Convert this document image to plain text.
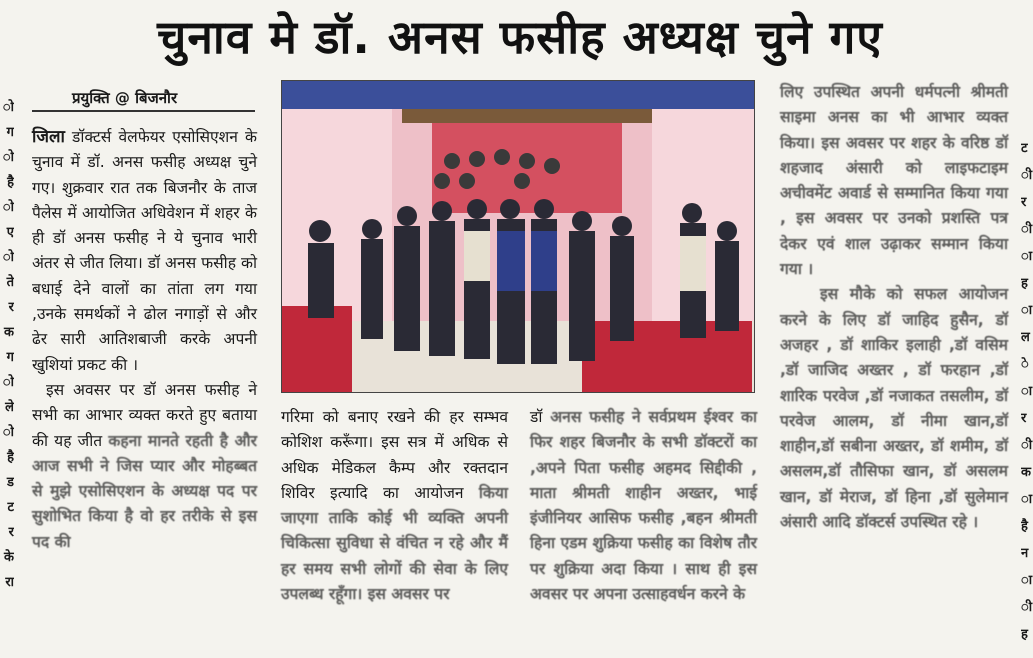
चुनाव मे डॉ. अनस फसीह अध्यक्ष चुने गए
ो
ग
ो
है
ो
ए
ो
ते
र
क
ग
ो
ले
ो
है
ड
ट
र
के
रा
ट
ी
र
ी
ा
ह
ा
ल
े
ा
र
ी
क
ा
है
न
ा
ी
ह
प्रयुक्ति @ बिजनौर

जिला डॉक्टर्स वेलफेयर एसोसिएशन के चुनाव में डॉ. अनस फसीह अध्यक्ष चुने गए। शुक्रवार रात तक बिजनौर के ताज पैलेस में आयोजित अधिवेशन में शहर के ही डॉ अनस फसीह ने ये चुनाव भारी अंतर से जीत लिया। डॉ अनस फसीह को बधाई देने वालों का तांता लग गया ,उनके समर्थकों ने ढोल नगाड़ों से और ढेर सारी आतिशबाजी करके अपनी खुशियां प्रकट की ।

इस अवसर पर डॉ अनस फसीह ने सभी का आभार व्यक्त करते हुए बताया की यह जीत कहना मानते रहती है और आज सभी ने जिस प्यार और मोहब्बत से मुझे एसोसिएशन के अध्यक्ष पद पर सुशोभित किया है वो हर तरीके से इस पद की

गरिमा को बनाए रखने की हर सम्भव कोशिश करूँगा। इस सत्र में अधिक से अधिक मेडिकल कैम्प और रक्तदान शिविर इत्यादि का आयोजन किया जाएगा ताकि कोई भी व्यक्ति अपनी चिकित्सा सुविधा से वंचित न रहे और मैं हर समय सभी लोगों की सेवा के लिए उपलब्ध रहूँगा। इस अवसर पर

डॉ अनस फसीह ने सर्वप्रथम ईश्वर का फिर शहर बिजनौर के सभी डॉक्टरों का ,अपने पिता फसीह अहमद सिद्दीकी , माता श्रीमती शाहीन अख्तर, भाई इंजीनियर आसिफ फसीह ,बहन श्रीमती हिना एडम शुक्रिया फसीह का विशेष तौर पर शुक्रिया अदा किया । साथ ही इस अवसर पर अपना उत्साहवर्धन करने के

लिए उपस्थित अपनी धर्मपत्नी श्रीमती साइमा अनस का भी आभार व्यक्त किया। इस अवसर पर शहर के वरिष्ठ डॉ शहजाद अंसारी को लाइफटाइम अचीवमेंट अवार्ड से सम्मानित किया गया , इस अवसर पर उनको प्रशस्ति पत्र देकर एवं शाल उढ़ाकर सम्मान किया गया ।

इस मौके को सफल आयोजन करने के लिए डॉ जाहिद हुसैन, डॉ अजहर , डॉ शाकिर इलाही ,डॉ वसिम ,डॉ जाजिद अख्तर , डॉ फरहान ,डॉ शारिक परवेज ,डॉ नजाकत तसलीम, डॉ परवेज आलम, डॉ नीमा खान,डॉ शाहीन,डॉ सबीना अख्तर, डॉ शमीम, डॉ असलम,डॉ तौसिफा खान, डॉ असलम खान, डॉ मेराज, डॉ हिना ,डॉ सुलेमान अंसारी आदि डॉक्टर्स उपस्थित रहे ।
